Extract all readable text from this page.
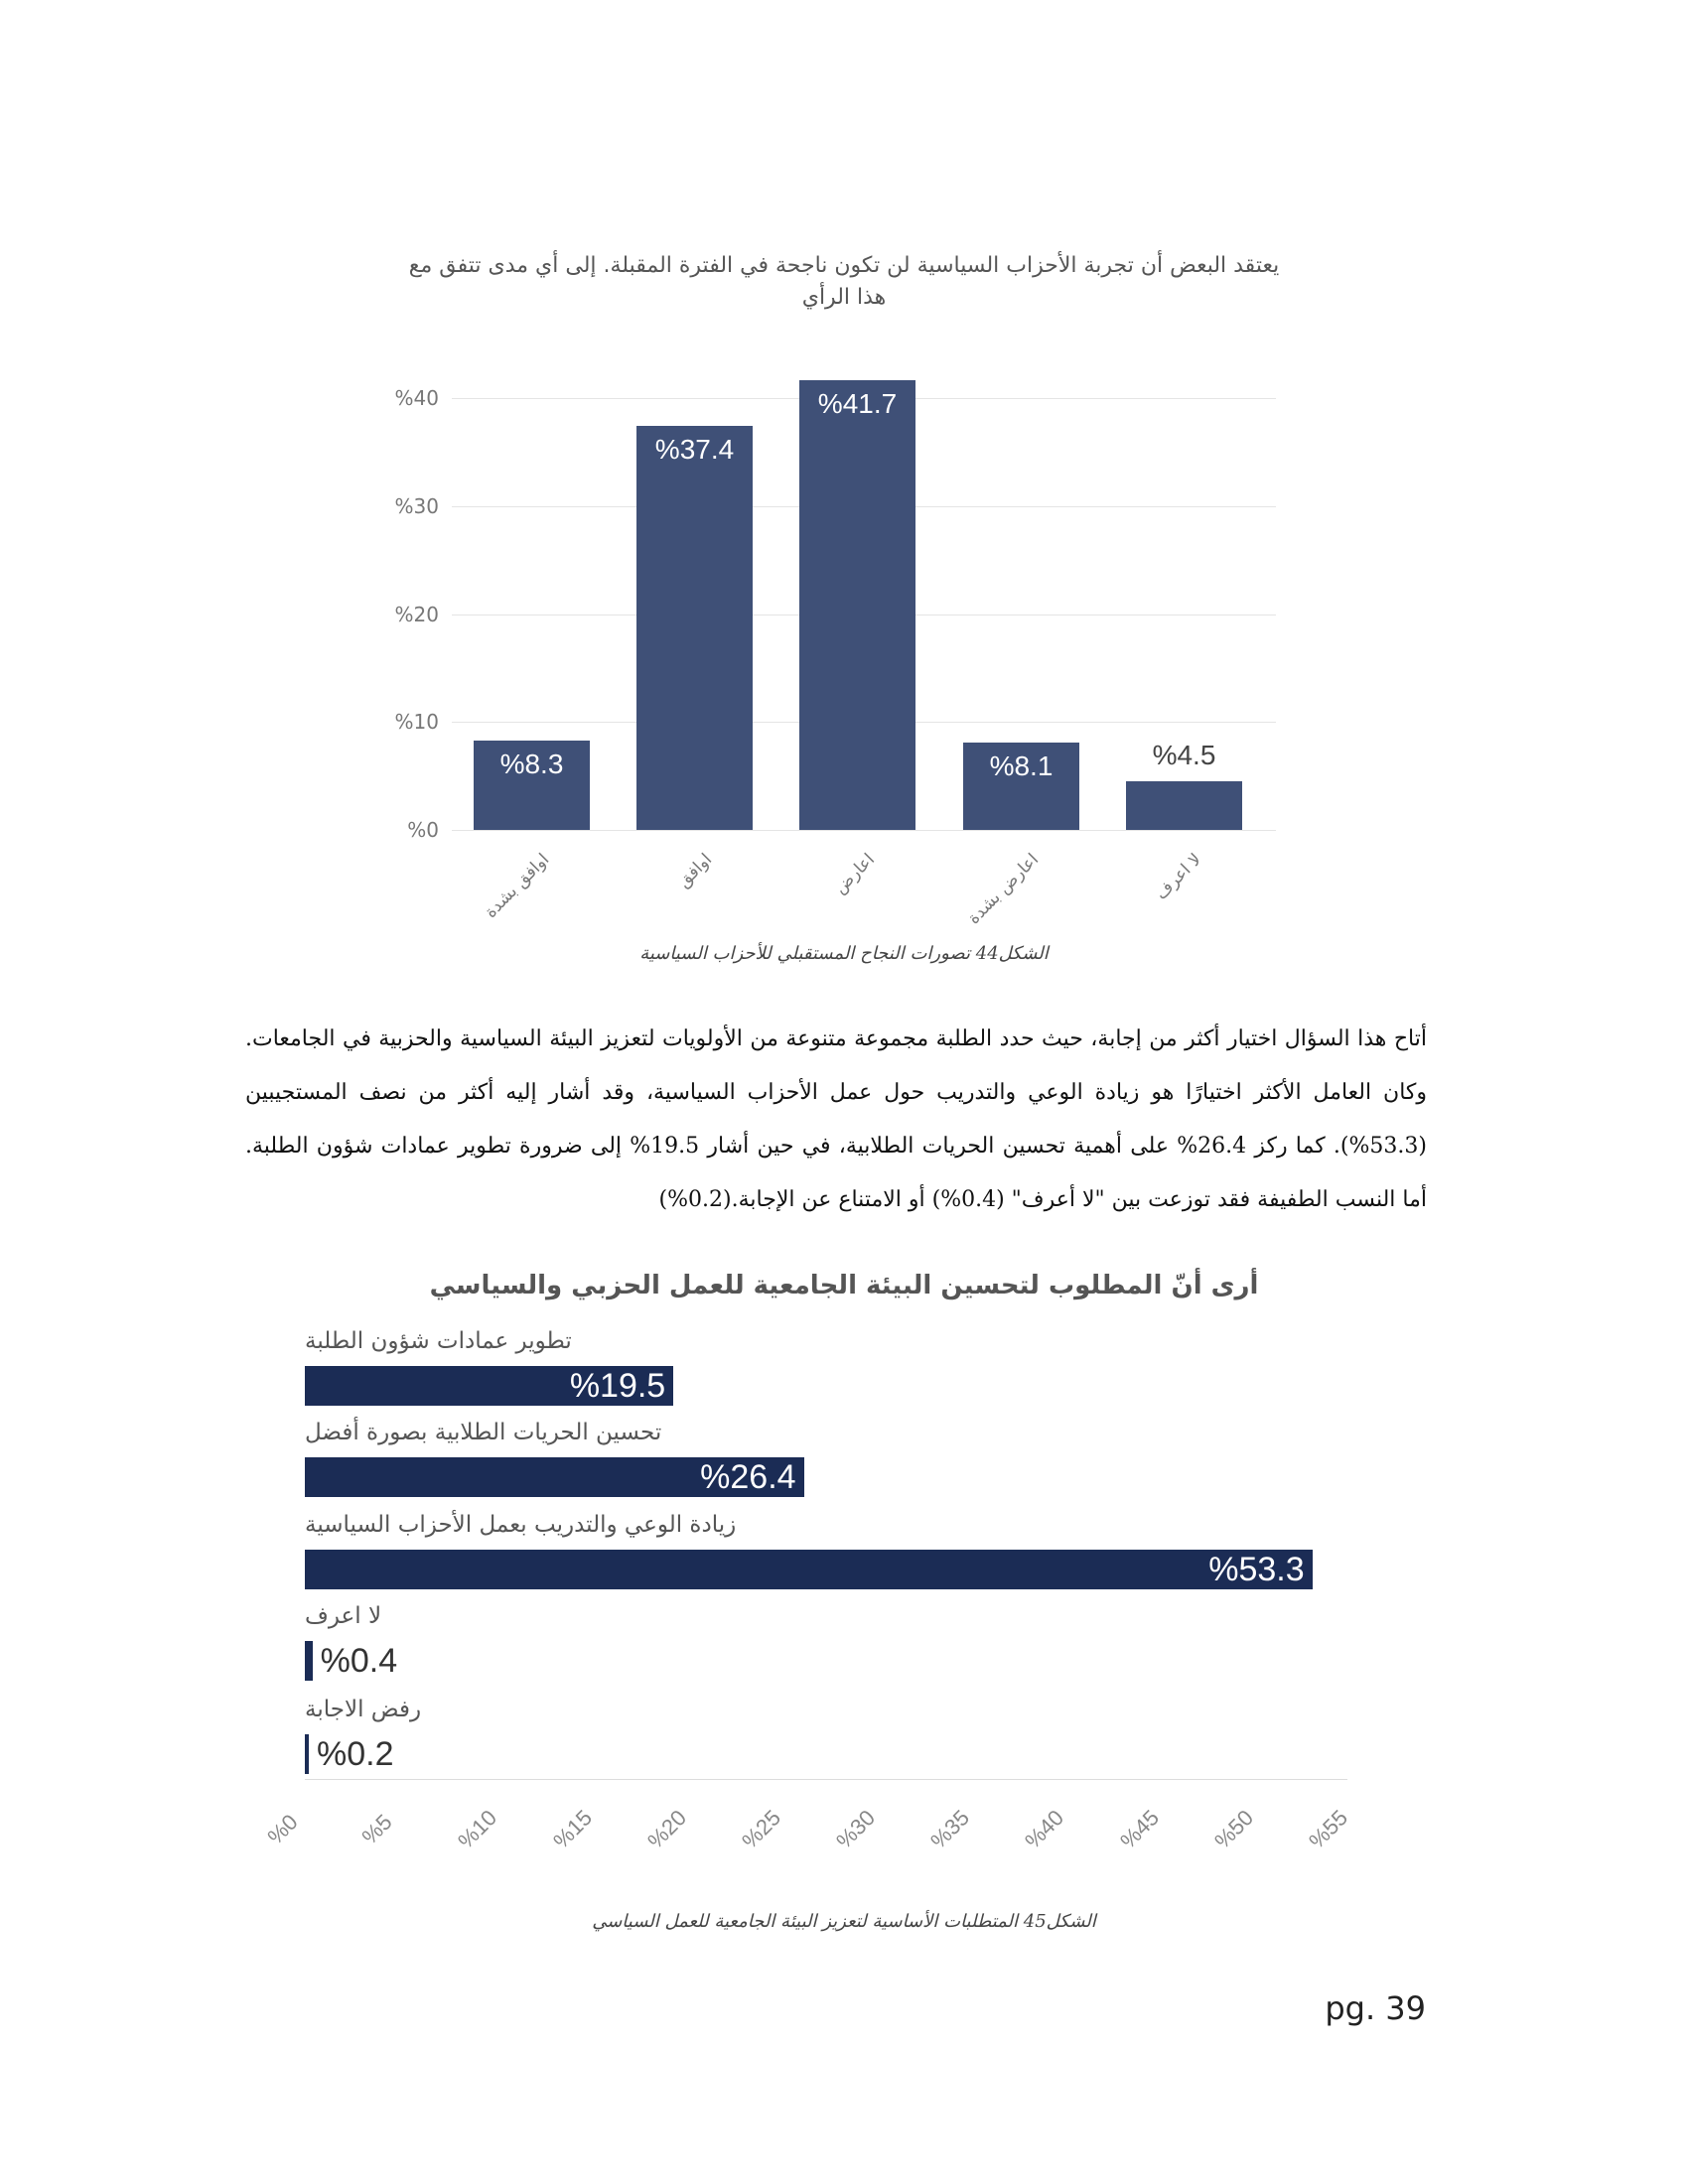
يعتقد البعض أن تجربة الأحزاب السياسية لن تكون ناجحة في الفترة المقبلة. إلى أي مدى تتفق مع هذا الرأي
%0
%10
%20
%30
%40
%8.3
اوافق بشدة
%37.4
اوافق
%41.7
اعارض
%8.1
اعارض بشدة
%4.5
لا اعرف
الشكل44 تصورات النجاح المستقبلي للأحزاب السياسية
أتاح هذا السؤال اختيار أكثر من إجابة، حيث حدد الطلبة مجموعة متنوعة من الأولويات لتعزيز البيئة السياسية والحزبية في الجامعات. وكان العامل الأكثر اختيارًا هو زيادة الوعي والتدريب حول عمل الأحزاب السياسية، وقد أشار إليه أكثر من نصف المستجيبين (53.3%). كما ركز 26.4% على أهمية تحسين الحريات الطلابية، في حين أشار 19.5% إلى ضرورة تطوير عمادات شؤون الطلبة. أما النسب الطفيفة فقد توزعت بين "لا أعرف" (0.4%) أو الامتناع عن الإجابة.(0.2%)
أرى أنّ المطلوب لتحسين البيئة الجامعية للعمل الحزبي والسياسي
تطوير عمادات شؤون الطلبة
%19.5
تحسين الحريات الطلابية بصورة أفضل
%26.4
زيادة الوعي والتدريب بعمل الأحزاب السياسية
%53.3
لا اعرف
%0.4
رفض الاجابة
%0.2
%0	%5	%10 %15 %20 %25 %30 %35 %40 %45 %50 %55
الشكل45 المتطلبات الأساسية لتعزيز البيئة الجامعية للعمل السياسي
pg. 39
